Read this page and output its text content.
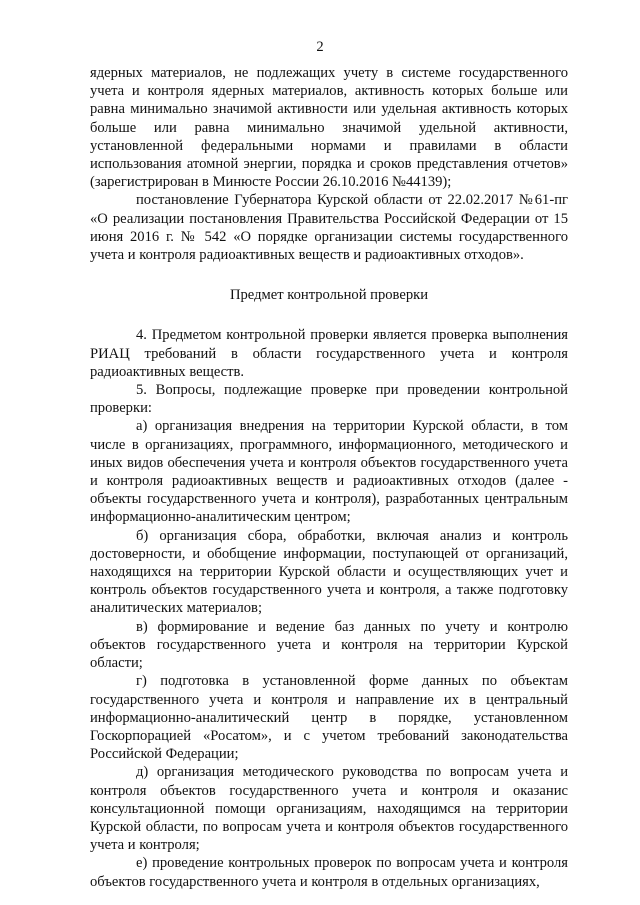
2

ядерных материалов, не подлежащих учету в системе государственного учета и контроля ядерных материалов, активность которых больше или равна минимально значимой активности или удельная активность которых больше или равна минимально значимой удельной активности, установленной федеральными нормами и правилами в области использования атомной энергии, порядка и сроков представления отчетов» (зарегистрирован в Минюсте России 26.10.2016 №44139);

постановление Губернатора Курской области от 22.02.2017 №61-пг «О реализации постановления Правительства Российской Федерации от 15 июня 2016 г. № 542 «О порядке организации системы государственного учета и контроля радиоактивных веществ и радиоактивных отходов».

Предмет контрольной проверки

4. Предметом контрольной проверки является проверка выполнения РИАЦ требований в области государственного учета и контроля радиоактивных веществ.

5. Вопросы, подлежащие проверке при проведении контрольной проверки:

а) организация внедрения на территории Курской области, в том числе в организациях, программного, информационного, методического и иных видов обеспечения учета и контроля объектов государственного учета и контроля радиоактивных веществ и радиоактивных отходов (далее - объекты государственного учета и контроля), разработанных центральным информационно-аналитическим центром;

б) организация сбора, обработки, включая анализ и контроль достоверности, и обобщение информации, поступающей от организаций, находящихся на территории Курской области и осуществляющих учет и контроль объектов государственного учета и контроля, а также подготовку аналитических материалов;

в) формирование и ведение баз данных по учету и контролю объектов государственного учета и контроля на территории Курской области;

г) подготовка в установленной форме данных по объектам государственного учета и контроля и направление их в центральный информационно-аналитический центр в порядке, установленном Госкорпорацией «Росатом», и с учетом требований законодательства Российской Федерации;

д) организация методического руководства по вопросам учета и контроля объектов государственного учета и контроля и оказанис консультационной помощи организациям, находящимся на территории Курской области, по вопросам учета и контроля объектов государственного учета и контроля;

е) проведение контрольных проверок по вопросам учета и контроля объектов государственного учета и контроля в отдельных организациях,
